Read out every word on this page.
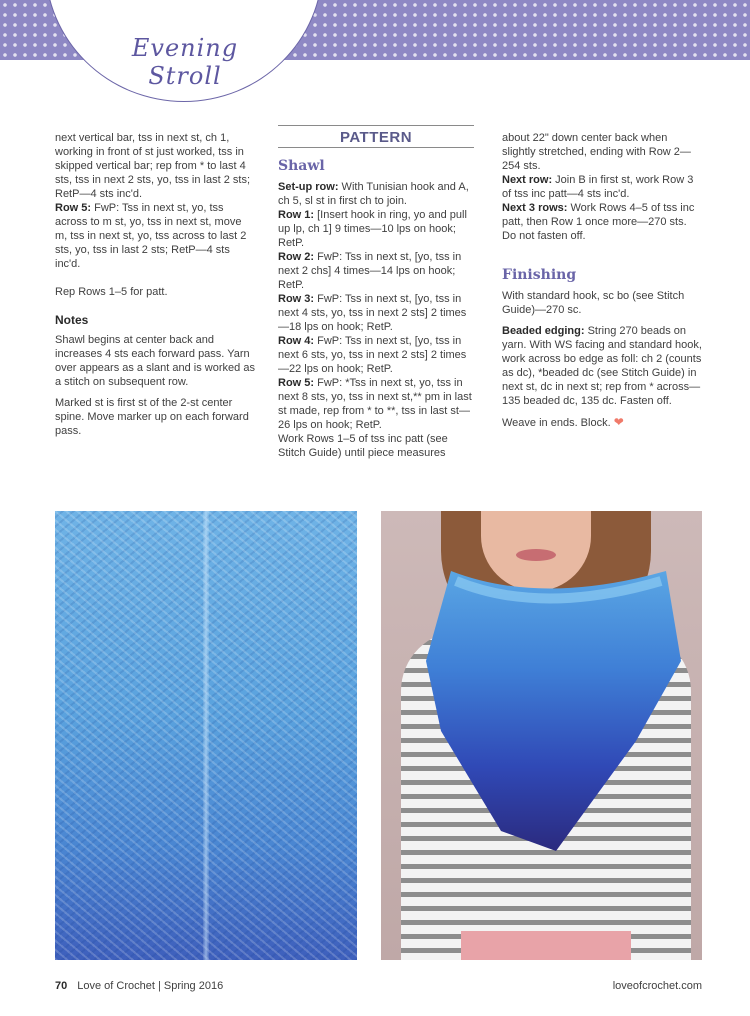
Evening Stroll

next vertical bar, tss in next st, ch 1, working in front of st just worked, tss in skipped vertical bar; rep from * to last 4 sts, tss in next 2 sts, yo, tss in last 2 sts; RetP—4 sts inc'd.

Row 5: FwP: Tss in next st, yo, tss across to m st, yo, tss in next st, move m, tss in next st, yo, tss across to last 2 sts, yo, tss in last 2 sts; RetP—4 sts inc'd.

Rep Rows 1–5 for patt.

Notes

Shawl begins at center back and increases 4 sts each forward pass. Yarn over appears as a slant and is worked as a stitch on subsequent row.

Marked st is first st of the 2-st center spine. Move marker up on each forward pass.

PATTERN

Shawl

Set-up row: With Tunisian hook and A, ch 5, sl st in first ch to join.

Row 1: [Insert hook in ring, yo and pull up lp, ch 1] 9 times—10 lps on hook; RetP.

Row 2: FwP: Tss in next st, [yo, tss in next 2 chs] 4 times—14 lps on hook; RetP.

Row 3: FwP: Tss in next st, [yo, tss in next 4 sts, yo, tss in next 2 sts] 2 times—18 lps on hook; RetP.

Row 4: FwP: Tss in next st, [yo, tss in next 6 sts, yo, tss in next 2 sts] 2 times—22 lps on hook; RetP.

Row 5: FwP: *Tss in next st, yo, tss in next 8 sts, yo, tss in next st,** pm in last st made, rep from * to **, tss in last st—26 lps on hook; RetP.

Work Rows 1–5 of tss inc patt (see Stitch Guide) until piece measures

about 22" down center back when slightly stretched, ending with Row 2—254 sts.

Next row: Join B in first st, work Row 3 of tss inc patt—4 sts inc'd.

Next 3 rows: Work Rows 4–5 of tss inc patt, then Row 1 once more—270 sts. Do not fasten off.

Finishing

With standard hook, sc bo (see Stitch Guide)—270 sc.

Beaded edging: String 270 beads on yarn. With WS facing and standard hook, work across bo edge as foll: ch 2 (counts as dc), *beaded dc (see Stitch Guide) in next st, dc in next st; rep from * across—135 beaded dc, 135 dc. Fasten off.

Weave in ends. Block. ❤

70 Love of Crochet | Spring 2016	loveofcrochet.com
